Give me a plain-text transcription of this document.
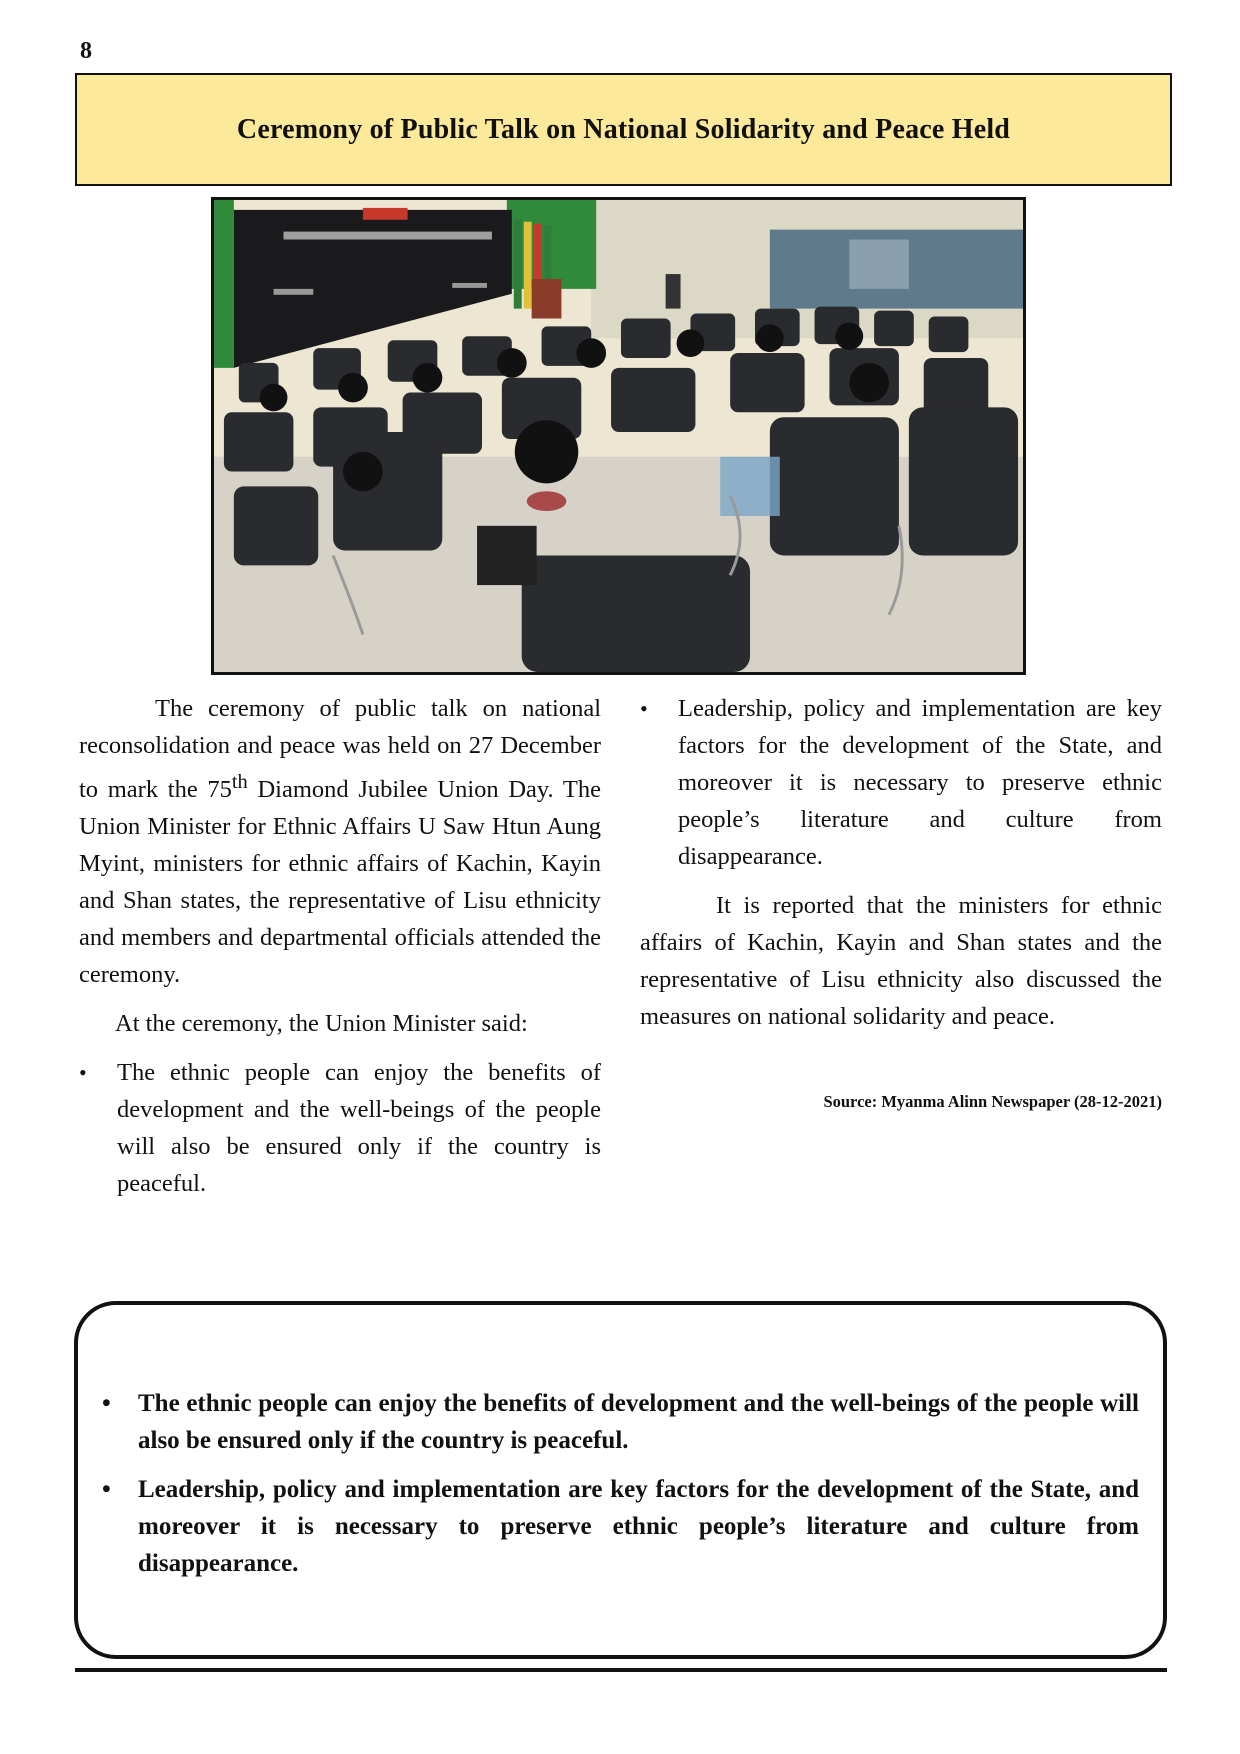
8
Ceremony of Public Talk on National Solidarity and Peace Held

The ceremony of public talk on national reconsolidation and peace was held on 27 December to mark the 75th Diamond Jubilee Union Day. The Union Minister for Ethnic Affairs U Saw Htun Aung Myint, ministers for ethnic affairs of Kachin, Kayin and Shan states, the representative of Lisu ethnicity and members and departmental officials attended the ceremony.

At the ceremony, the Union Minister said:

• The ethnic people can enjoy the benefits of development and the well-beings of the people will also be ensured only if the country is peaceful.
• Leadership, policy and implementation are key factors for the development of the State, and moreover it is necessary to preserve ethnic people’s literature and culture from disappearance.

It is reported that the ministers for ethnic affairs of Kachin, Kayin and Shan states and the representative of Lisu ethnicity also discussed the measures on national solidarity and peace.

Source: Myanma Alinn Newspaper (28-12-2021)
• The ethnic people can enjoy the benefits of development and the well-beings of the people will also be ensured only if the country is peaceful.
• Leadership, policy and implementation are key factors for the development of the State, and moreover it is necessary to preserve ethnic people’s literature and culture from disappearance.
